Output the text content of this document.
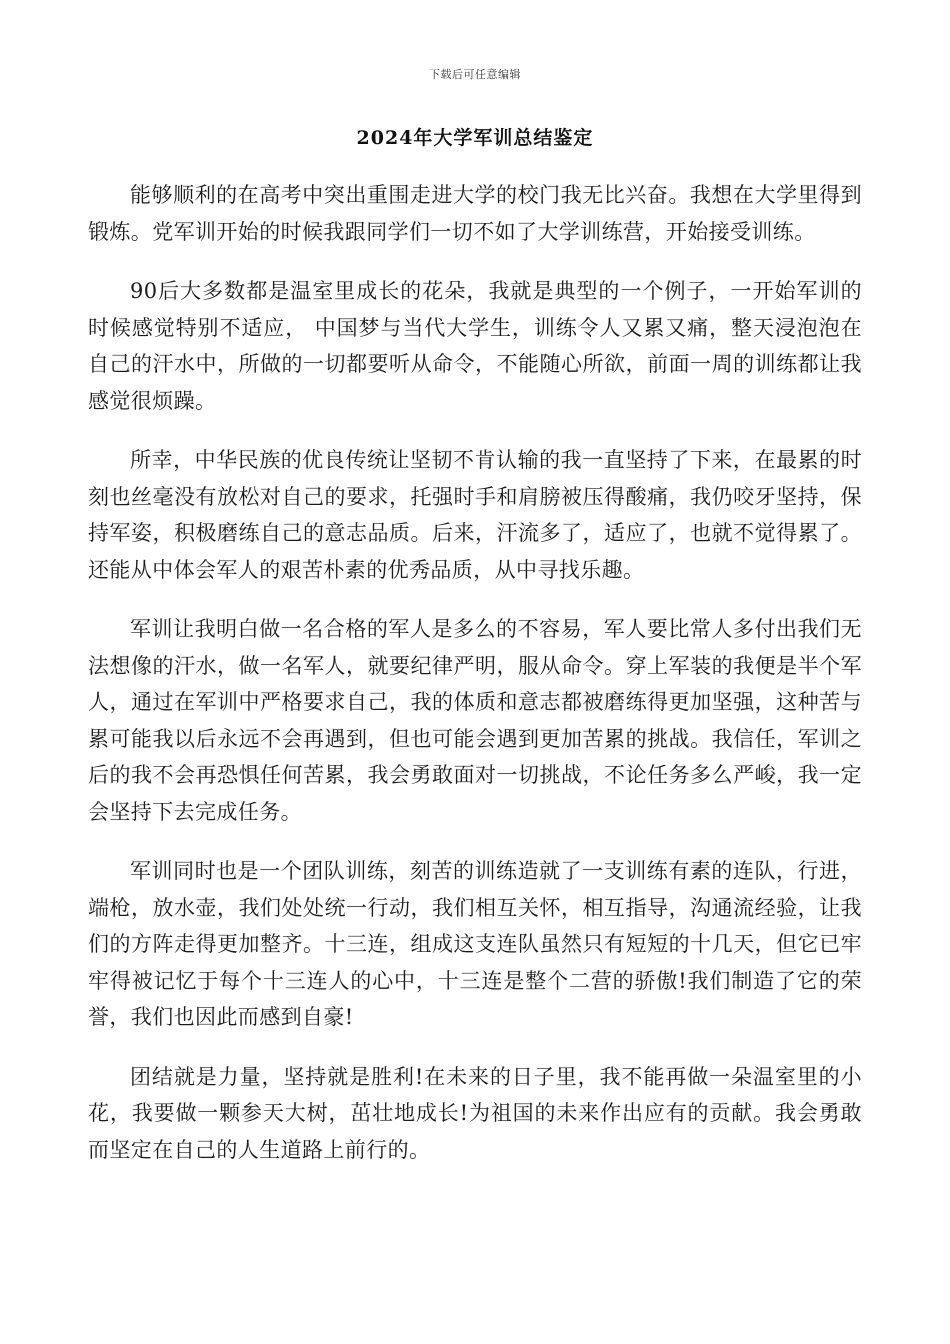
下载后可任意编辑
2024年大学军训总结鉴定

能够顺利的在高考中突出重围走进大学的校门我无比兴奋。我想在大学里得到锻炼。党军训开始的时候我跟同学们一切不如了大学训练营，开始接受训练。

90后大多数都是温室里成长的花朵，我就是典型的一个例子，一开始军训的时候感觉特别不适应， 中国梦与当代大学生，训练令人又累又痛，整天浸泡泡在自己的汗水中，所做的一切都要听从命令，不能随心所欲，前面一周的训练都让我感觉很烦躁。

所幸，中华民族的优良传统让坚韧不肯认输的我一直坚持了下来，在最累的时刻也丝毫没有放松对自己的要求，托强时手和肩膀被压得酸痛，我仍咬牙坚持，保持军姿，积极磨练自己的意志品质。后来，汗流多了，适应了，也就不觉得累了。 还能从中体会军人的艰苦朴素的优秀品质，从中寻找乐趣。

军训让我明白做一名合格的军人是多么的不容易，军人要比常人多付出我们无法想像的汗水，做一名军人，就要纪律严明，服从命令。穿上军装的我便是半个军人，通过在军训中严格要求自己，我的体质和意志都被磨练得更加坚强，这种苦与累可能我以后永远不会再遇到，但也可能会遇到更加苦累的挑战。我信任，军训之后的我不会再恐惧任何苦累，我会勇敢面对一切挑战，不论任务多么严峻，我一定会坚持下去完成任务。

军训同时也是一个团队训练，刻苦的训练造就了一支训练有素的连队，行进，端枪，放水壶，我们处处统一行动，我们相互关怀，相互指导，沟通流经验，让我们的方阵走得更加整齐。十三连，组成这支连队虽然只有短短的十几天，但它已牢牢得被记忆于每个十三连人的心中，十三连是整个二营的骄傲!我们制造了它的荣誉，我们也因此而感到自豪!

团结就是力量，坚持就是胜利!在未来的日子里，我不能再做一朵温室里的小花，我要做一颗参天大树，茁壮地成长!为祖国的未来作出应有的贡献。我会勇敢而坚定在自己的人生道路上前行的。
